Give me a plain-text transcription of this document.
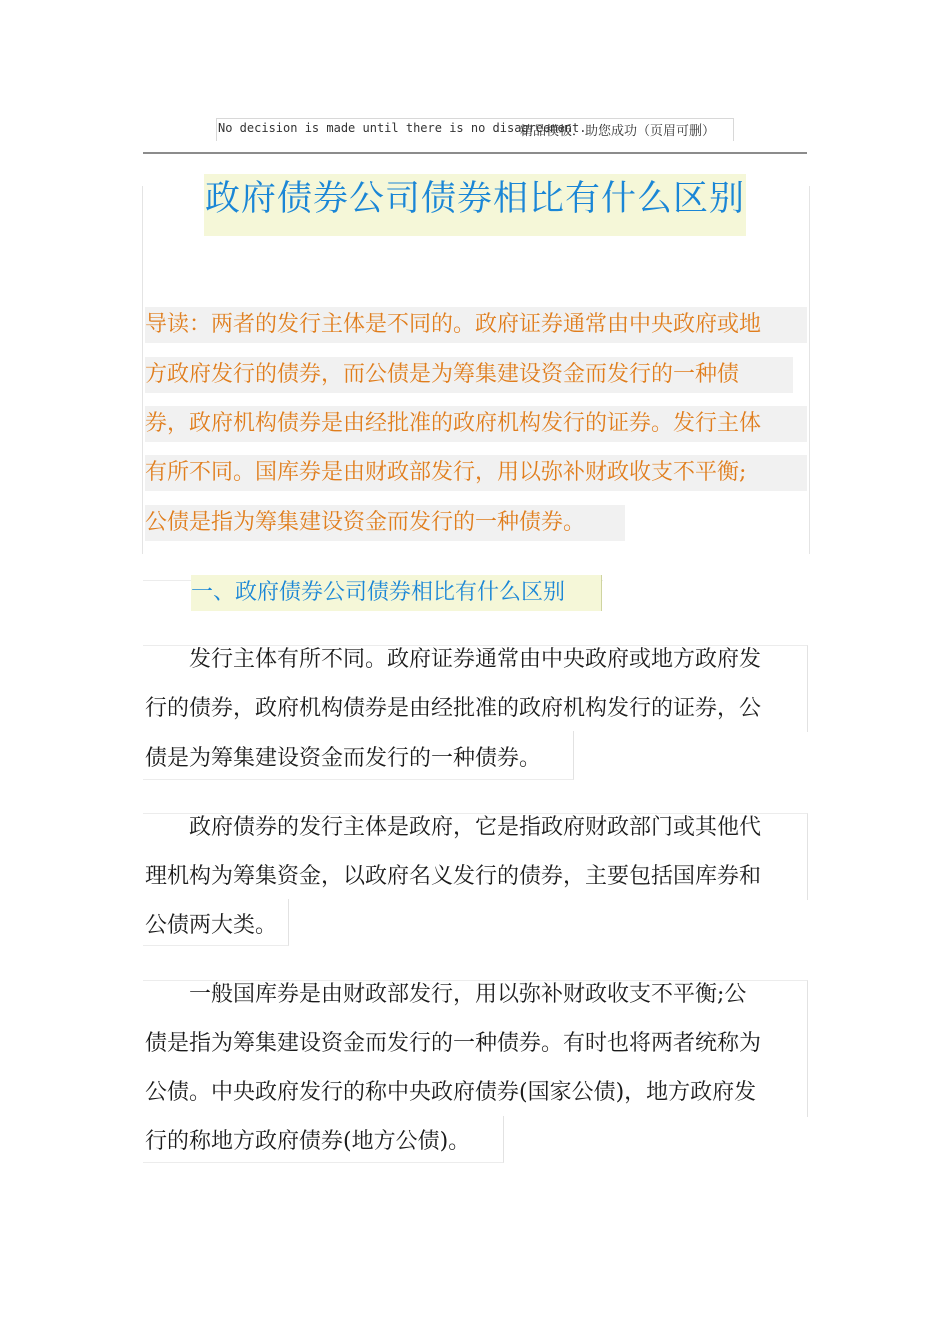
No decision is made until there is no disagreement.
精品模板．助您成功（页眉可删）
政府债券公司债券相比有什么区别
导读：两者的发行主体是不同的。政府证券通常由中央政府或地
方政府发行的债券，而公债是为筹集建设资金而发行的一种债
券，政府机构债券是由经批准的政府机构发行的证券。发行主体
有所不同。国库券是由财政部发行，用以弥补财政收支不平衡;
公债是指为筹集建设资金而发行的一种债券。
一、政府债券公司债券相比有什么区别
　　发行主体有所不同。政府证券通常由中央政府或地方政府发
行的债券，政府机构债券是由经批准的政府机构发行的证券，公
债是为筹集建设资金而发行的一种债券。
　　政府债券的发行主体是政府，它是指政府财政部门或其他代
理机构为筹集资金，以政府名义发行的债券，主要包括国库券和
公债两大类。
　　一般国库券是由财政部发行，用以弥补财政收支不平衡;公
债是指为筹集建设资金而发行的一种债券。有时也将两者统称为
公债。中央政府发行的称中央政府债券(国家公债)，地方政府发
行的称地方政府债券(地方公债)。
